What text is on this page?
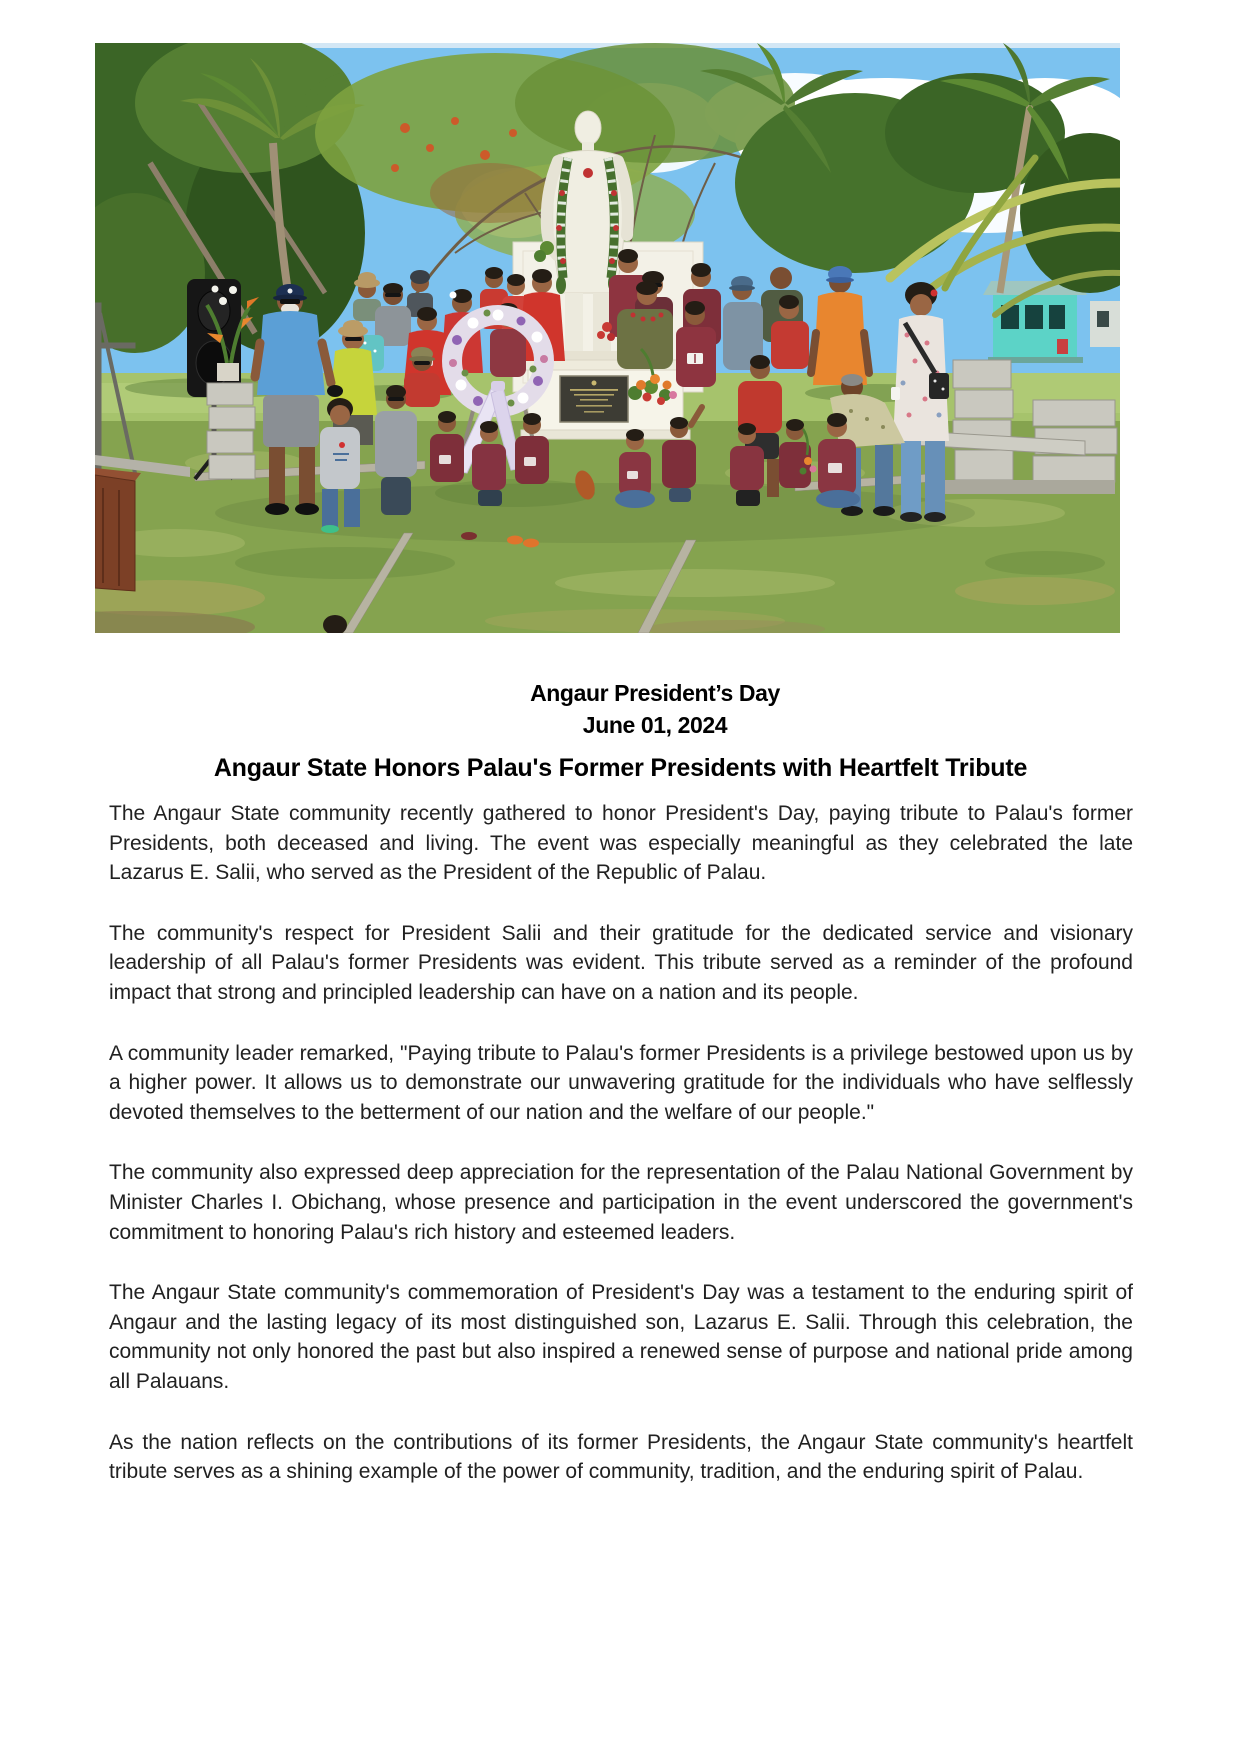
Angaur President’s Day
June 01, 2024
Angaur State Honors Palau's Former Presidents with Heartfelt Tribute

The Angaur State community recently gathered to honor President's Day, paying tribute to Palau's former Presidents, both deceased and living. The event was especially meaningful as they celebrated the late Lazarus E. Salii, who served as the President of the Republic of Palau.

The community's respect for President Salii and their gratitude for the dedicated service and visionary leadership of all Palau's former Presidents was evident. This tribute served as a reminder of the profound impact that strong and principled leadership can have on a nation and its people.

A community leader remarked, "Paying tribute to Palau's former Presidents is a privilege bestowed upon us by a higher power. It allows us to demonstrate our unwavering gratitude for the individuals who have selflessly devoted themselves to the betterment of our nation and the welfare of our people."

The community also expressed deep appreciation for the representation of the Palau National Government by Minister Charles I. Obichang, whose presence and participation in the event underscored the government's commitment to honoring Palau's rich history and esteemed leaders.

The Angaur State community's commemoration of President's Day was a testament to the enduring spirit of Angaur and the lasting legacy of its most distinguished son, Lazarus E. Salii. Through this celebration, the community not only honored the past but also inspired a renewed sense of purpose and national pride among all Palauans.

As the nation reflects on the contributions of its former Presidents, the Angaur State community's heartfelt tribute serves as a shining example of the power of community, tradition, and the enduring spirit of Palau.
